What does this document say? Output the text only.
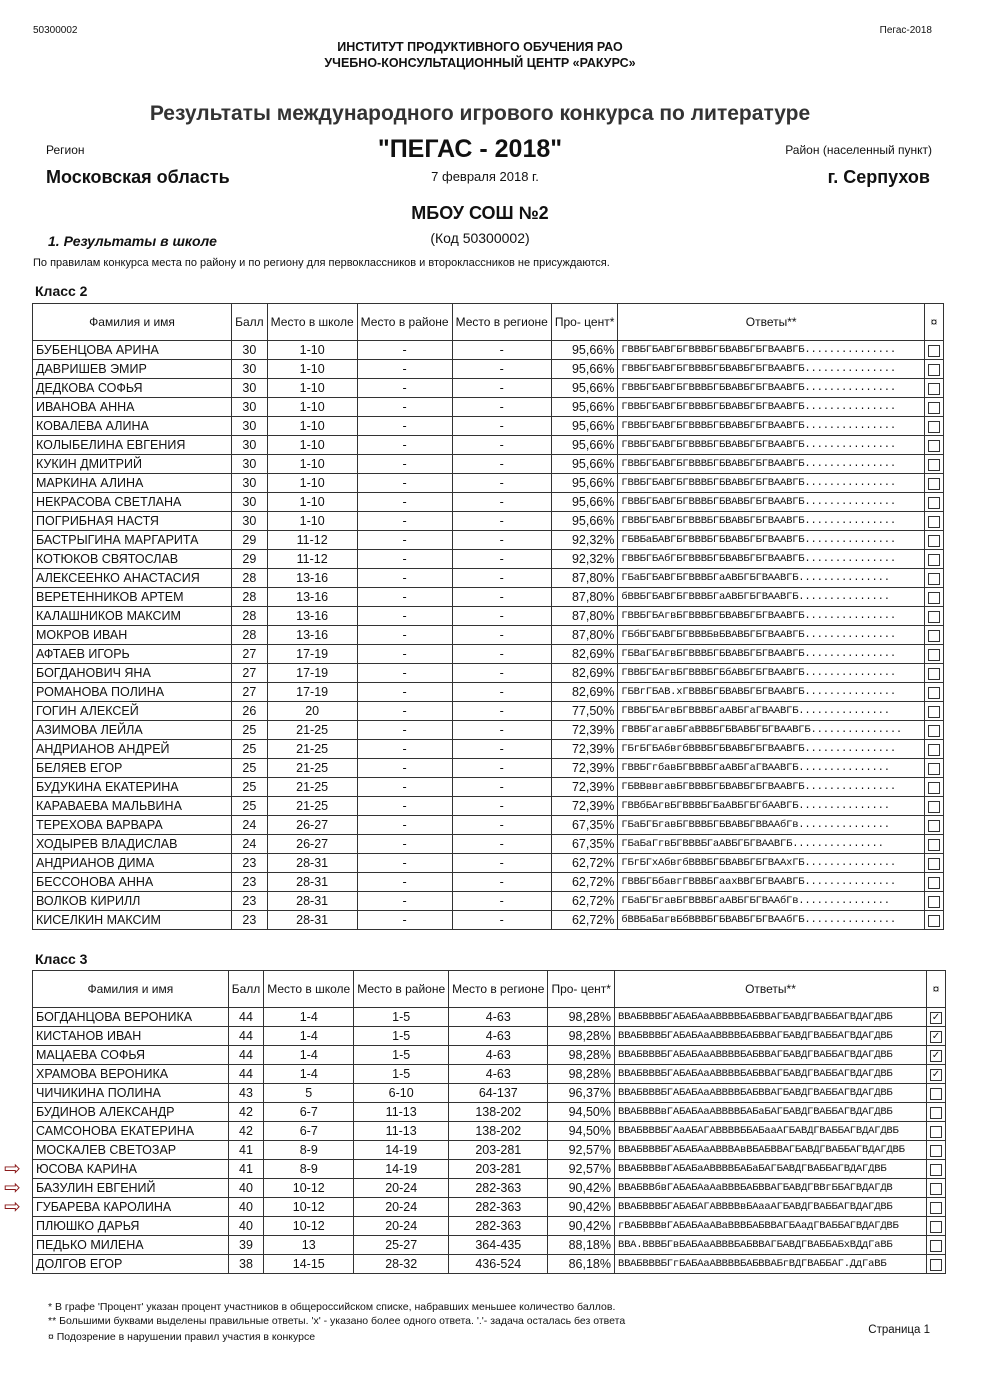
50300002	Пегас-2018
ИНСТИТУТ ПРОДУКТИВНОГО ОБУЧЕНИЯ РАО
УЧЕБНО-КОНСУЛЬТАЦИОННЫЙ ЦЕНТР «РАКУРС»
Результаты международного игрового конкурса по литературе
"ПЕГАС - 2018"
Регион	Район (населенный пункт)
Московская область	7 февраля 2018 г.	г. Серпухов
МБОУ СОШ №2
1. Результаты в школе	(Код 50300002)
По правилам конкурса места по району и по региону для первоклассников и второклассников не присуждаются.
Класс 2
Фамилия и имя	Балл	Место в школе	Место в районе	Место в регионе	Про- цент*	Ответы**	¤
БУБЕНЦОВА АРИНА	30	1-10	-	-	95,66%	ГВВБГБАВГБГВВВБГБВАВБГБГВААВГБ...............	
ДАВРИШЕВ ЭМИР	30	1-10	-	-	95,66%	ГВВБГБАВГБГВВВБГБВАВБГБГВААВГБ...............	
ДЕДКОВА СОФЬЯ	30	1-10	-	-	95,66%	ГВВБГБАВГБГВВВБГБВАВБГБГВААВГБ...............	
ИВАНОВА АННА	30	1-10	-	-	95,66%	ГВВБГБАВГБГВВВБГБВАВБГБГВААВГБ...............	
КОВАЛЕВА АЛИНА	30	1-10	-	-	95,66%	ГВВБГБАВГБГВВВБГБВАВБГБГВААВГБ...............	
КОЛЫБЕЛИНА ЕВГЕНИЯ	30	1-10	-	-	95,66%	ГВВБГБАВГБГВВВБГБВАВБГБГВААВГБ...............	
КУКИН ДМИТРИЙ	30	1-10	-	-	95,66%	ГВВБГБАВГБГВВВБГБВАВБГБГВААВГБ...............	
МАРКИНА АЛИНА	30	1-10	-	-	95,66%	ГВВБГБАВГБГВВВБГБВАВБГБГВААВГБ...............	
НЕКРАСОВА СВЕТЛАНА	30	1-10	-	-	95,66%	ГВВБГБАВГБГВВВБГБВАВБГБГВААВГБ...............	
ПОГРИБНАЯ НАСТЯ	30	1-10	-	-	95,66%	ГВВБГБАВГБГВВВБГБВАВБГБГВААВГБ...............	
БАСТРЫГИНА МАРГАРИТА	29	11-12	-	-	92,32%	ГБВБаБАВГБГВВВБГБВАВБГБГВААВГБ...............	
КОТЮКОВ СВЯТОСЛАВ	29	11-12	-	-	92,32%	ГВВБГБАбГБГВВВБГБВАВБГБГВААВГБ...............	
АЛЕКСЕЕНКО АНАСТАСИЯ	28	13-16	-	-	87,80%	ГБаБГБАВГБГВВВБГаАВБГБГВААВГБ...............	
ВЕРЕТЕННИКОВ АРТЕМ	28	13-16	-	-	87,80%	бВВБГБАВГБГВВВБГаАВБГБГВААВГБ...............	
КАЛАШНИКОВ МАКСИМ	28	13-16	-	-	87,80%	ГВВБГБАгвБГВВВБГБВАВБГБГВААВГБ...............	
МОКРОВ ИВАН	28	13-16	-	-	87,80%	ГБбБГБАВГБГВВВБвБВАВБГБГВААВГБ...............	
АФТАЕВ ИГОРЬ	27	17-19	-	-	82,69%	ГБВаГБАгвБГВВВБГБВАВБГБГВААВГБ...............	
БОГДАНОВИЧ ЯНА	27	17-19	-	-	82,69%	ГВВБГБАгвБГВВВБГБбАВБГБГВААВГБ...............	
РОМАНОВА ПОЛИНА	27	17-19	-	-	82,69%	ГБВгГБАВ.хГВВВБГБВАВБГБГВААВГБ...............	
ГОГИН АЛЕКСЕЙ	26	20	-	-	77,50%	ГВВБГБАгвБГВВВБГаАВБГаГВААВГБ...............	
АЗИМОВА ЛЕЙЛА	25	21-25	-	-	72,39%	ГВВБГагавБГаВВВБГБВАВБГБГВААВГБ...............	
АНДРИАНОВ АНДРЕЙ	25	21-25	-	-	72,39%	ГБгБГБАбвгбВВВБГБВАВБГБГВААВГБ...............	
БЕЛЯЕВ ЕГОР	25	21-25	-	-	72,39%	ГВВБГгбавБГВВВБГаАВБГаГВААВГБ...............	
БУДУКИНА ЕКАТЕРИНА	25	21-25	-	-	72,39%	ГБВВввгавБГВВВБГБВАВБГБГВААВГБ...............	
КАРАВАЕВА МАЛЬВИНА	25	21-25	-	-	72,39%	ГВВбБАгвБГВВВБГБаАВБГБГбААВГБ...............	
ТЕРЕХОВА ВАРВАРА	24	26-27	-	-	67,35%	ГБаБГБгавБГВВВБГБВАВБГВВААбГв...............	
ХОДЫРЕВ ВЛАДИСЛАВ	24	26-27	-	-	67,35%	ГБаБаГгвБГВВВБГаАВБГБГВААВГБ...............	
АНДРИАНОВ ДИМА	23	28-31	-	-	62,72%	ГБгБГхАбвгбВВВБГБВАВБГБГВААхГБ...............	
БЕССОНОВА АННА	23	28-31	-	-	62,72%	ГВВБГБбавгГВВВБГаахВВГБГВААВГБ...............	
ВОЛКОВ КИРИЛЛ	23	28-31	-	-	62,72%	ГБаБГБгавБГВВВБГаАВБГБГВААбГв...............	
КИСЕЛКИН МАКСИМ	23	28-31	-	-	62,72%	бВВБаБагвБбВВВБГБВАВБГБГВААбГБ...............	
Класс 3
Фамилия и имя	Балл	Место в школе	Место в районе	Место в регионе	Про- цент*	Ответы**	¤
БОГДАНЦОВА ВЕРОНИКА	44	1-4	1-5	4-63	98,28%	ВВАБВВВБГАБАБАаАВВВВБАБВВАГБАВДГВАББАГВДАГДВБ	✓
КИСТАНОВ ИВАН	44	1-4	1-5	4-63	98,28%	ВВАБВВВБГАБАБАаАВВВВБАБВВАГБАВДГВАББАГВДАГДВБ	✓
МАЦАЕВА СОФЬЯ	44	1-4	1-5	4-63	98,28%	ВВАБВВВБГАБАБАаАВВВВБАБВВАГБАВДГВАББАГВДАГДВБ	✓
ХРАМОВА ВЕРОНИКА	44	1-4	1-5	4-63	98,28%	ВВАБВВВБГАБАБАаАВВВВБАБВВАГБАВДГВАББАГВДАГДВБ	✓
ЧИЧИКИНА ПОЛИНА	43	5	6-10	64-137	96,37%	ВВАБВВВБГАБАБАаАВВВВБАБВВАГБАВДГВАББАГВДАГДВБ	
БУДИНОВ АЛЕКСАНДР	42	6-7	11-13	138-202	94,50%	ВВАБВВВвГАБАБАаАВВВВБАБаБАГБАВДГВАББАГВДАГДВБ	
САМСОНОВА ЕКАТЕРИНА	42	6-7	11-13	138-202	94,50%	ВВАБВВВБГАаАБАГАВВВВББАБааАГБАВДГВАББАГВДАГДВБ	
МОСКАЛЕВ СВЕТОЗАР	41	8-9	14-19	203-281	92,57%	ВВАБВВВБГАБАБАаАВВВАвВБАБВВАГБАВДГВАББАГВДАГДВБ	
ЮСОВА КАРИНА	41	8-9	14-19	203-281	92,57%	ВВАБВВВвГАБАБаАВВВВБАБаБАГБАВДГВАББАГВДАГДВБ	
БАЗУЛИН ЕВГЕНИЙ	40	10-12	20-24	282-363	90,42%	ВВАБВВбвГАБАБАаАаВВВБАБВВАГБАВДГВВгББАГВДАГДВ	
ГУБАРЕВА КАРОЛИНА	40	10-12	20-24	282-363	90,42%	ВВАБВВВБГАБАБАГАВВВВвБАааАГБАВДГВАББАГВДАГДВБ	
ПЛЮШКО ДАРЬЯ	40	10-12	20-24	282-363	90,42%	гВАБВВВвГАБАБАаАВаВВВБАБВВАГБАадГВАББАГВДАГДВБ	
ПЕДЬКО МИЛЕНА	39	13	25-27	364-435	88,18%	ВВА.ВВВБГвБАБАаАВВВБАБВВАГБАВДГВАББАБхВДдГаВБ	
ДОЛГОВ ЕГОР	38	14-15	28-32	436-524	86,18%	ВВАБВВВБГгБАБАаАВВВВБАБВВАБгВДГВАББАГ.ДдГаВБ	
⇨
⇨
⇨
* В графе 'Процент' указан процент участников в общероссийском списке, набравших меньшее количество баллов.
** Большими буквами выделены правильные ответы. 'х' - указано более одного ответа. '.'- задача осталась без ответа
¤ Подозрение в нарушении правил участия в конкурсе
Страница 1
